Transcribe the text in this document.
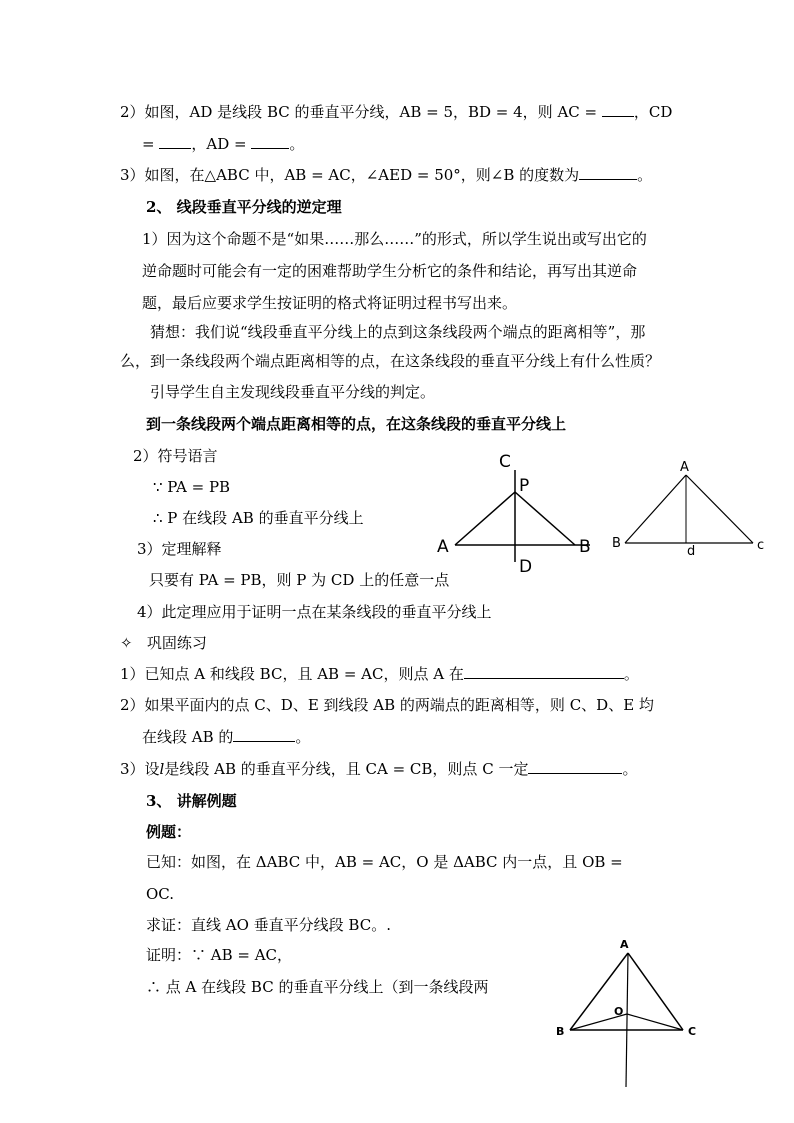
2）如图，AD 是线段 BC 的垂直平分线，AB = 5，BD = 4，则 AC = ，CD
= ，AD =	。
3）如图，在△ABC 中，AB = AC，∠AED = 50°，则∠B 的度数为	。
2、 线段垂直平分线的逆定理
1）因为这个命题不是“如果……那么……”的形式，所以学生说出或写出它的
逆命题时可能会有一定的困难帮助学生分析它的条件和结论，再写出其逆命
题，最后应要求学生按证明的格式将证明过程书写出来。
猜想：我们说“线段垂直平分线上的点到这条线段两个端点的距离相等”，那
么，到一条线段两个端点距离相等的点，在这条线段的垂直平分线上有什么性质？
引导学生自主发现线段垂直平分线的判定。
到一条线段两个端点距离相等的点，在这条线段的垂直平分线上
2）符号语言
∵ PA = PB
∴ P 在线段 AB 的垂直平分线上
3）定理解释
只要有 PA = PB，则 P 为 CD 上的任意一点
4）此定理应用于证明一点在某条线段的垂直平分线上
✧ 巩固练习
1）已知点 A 和线段 BC，且 AB = AC，则点 A 在	。
2）如果平面内的点 C、D、E 到线段 AB 的两端点的距离相等，则 C、D、E 均
在线段 AB 的	。
3）设l是线段 AB 的垂直平分线，且 CA = CB，则点 C 一定	。
3、 讲解例题
例题：
已知：如图，在 ΔABC 中，AB = AC，O 是 ΔABC 内一点，且 OB =
OC.
求证：直线 AO 垂直平分线段 BC。.
证明：∵ AB = AC，
∴ 点 A 在线段 BC 的垂直平分线上（到一条线段两
C
P
A	B
D
A
B	c
d
A
O
B	C
